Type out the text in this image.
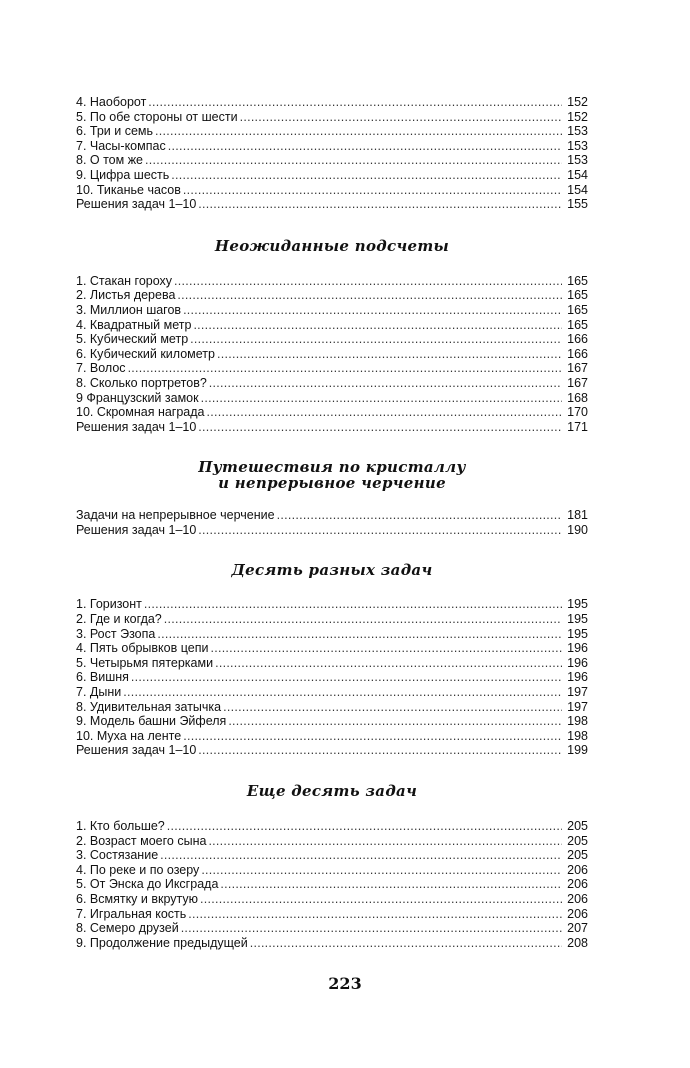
4. Наоборот . . .	152
5. По обе стороны от шести . . .	152
6. Три и семь . . .	153
7. Часы-компас . . .	153
8. О том же . . .	153
9. Цифра шесть . . .	154
10. Тиканье часов . . .	154
Решения задач 1–10 . . .	155
Неожиданные подсчеты
1. Стакан гороху . . .	165
2. Листья дерева . . .	165
3. Миллион шагов . . .	165
4. Квадратный метр . . .	165
5. Кубический метр . . .	166
6. Кубический километр . . .	166
7. Волос . . .	167
8. Сколько портретов? . . .	167
9 Французский замок . . .	168
10. Скромная награда . . .	170
Решения задач 1–10 . . .	171
Путешествия по кристаллу
и непрерывное черчение
Задачи на непрерывное черчение . . .	181
Решения задач 1–10 . . .	190
Десять разных задач
1. Горизонт . . .	195
2. Где и когда? . . .	195
3. Рост Эзопа . . .	195
4. Пять обрывков цепи . . .	196
5. Четырьмя пятерками . . .	196
6. Вишня . . .	196
7. Дыни . . .	197
8. Удивительная затычка . . .	197
9. Модель башни Эйфеля . . .	198
10. Муха на ленте . . .	198
Решения задач 1–10 . . .	199
Еще десять задач
1. Кто больше? . . .	205
2. Возраст моего сына . . .	205
3. Состязание . . .	205
4. По реке и по озеру . . .	206
5. От Энска до Иксграда . . .	206
6. Всмятку и вкрутую . . .	206
7. Игральная кость . . .	206
8. Семеро друзей . . .	207
9. Продолжение предыдущей . . .	208
223
